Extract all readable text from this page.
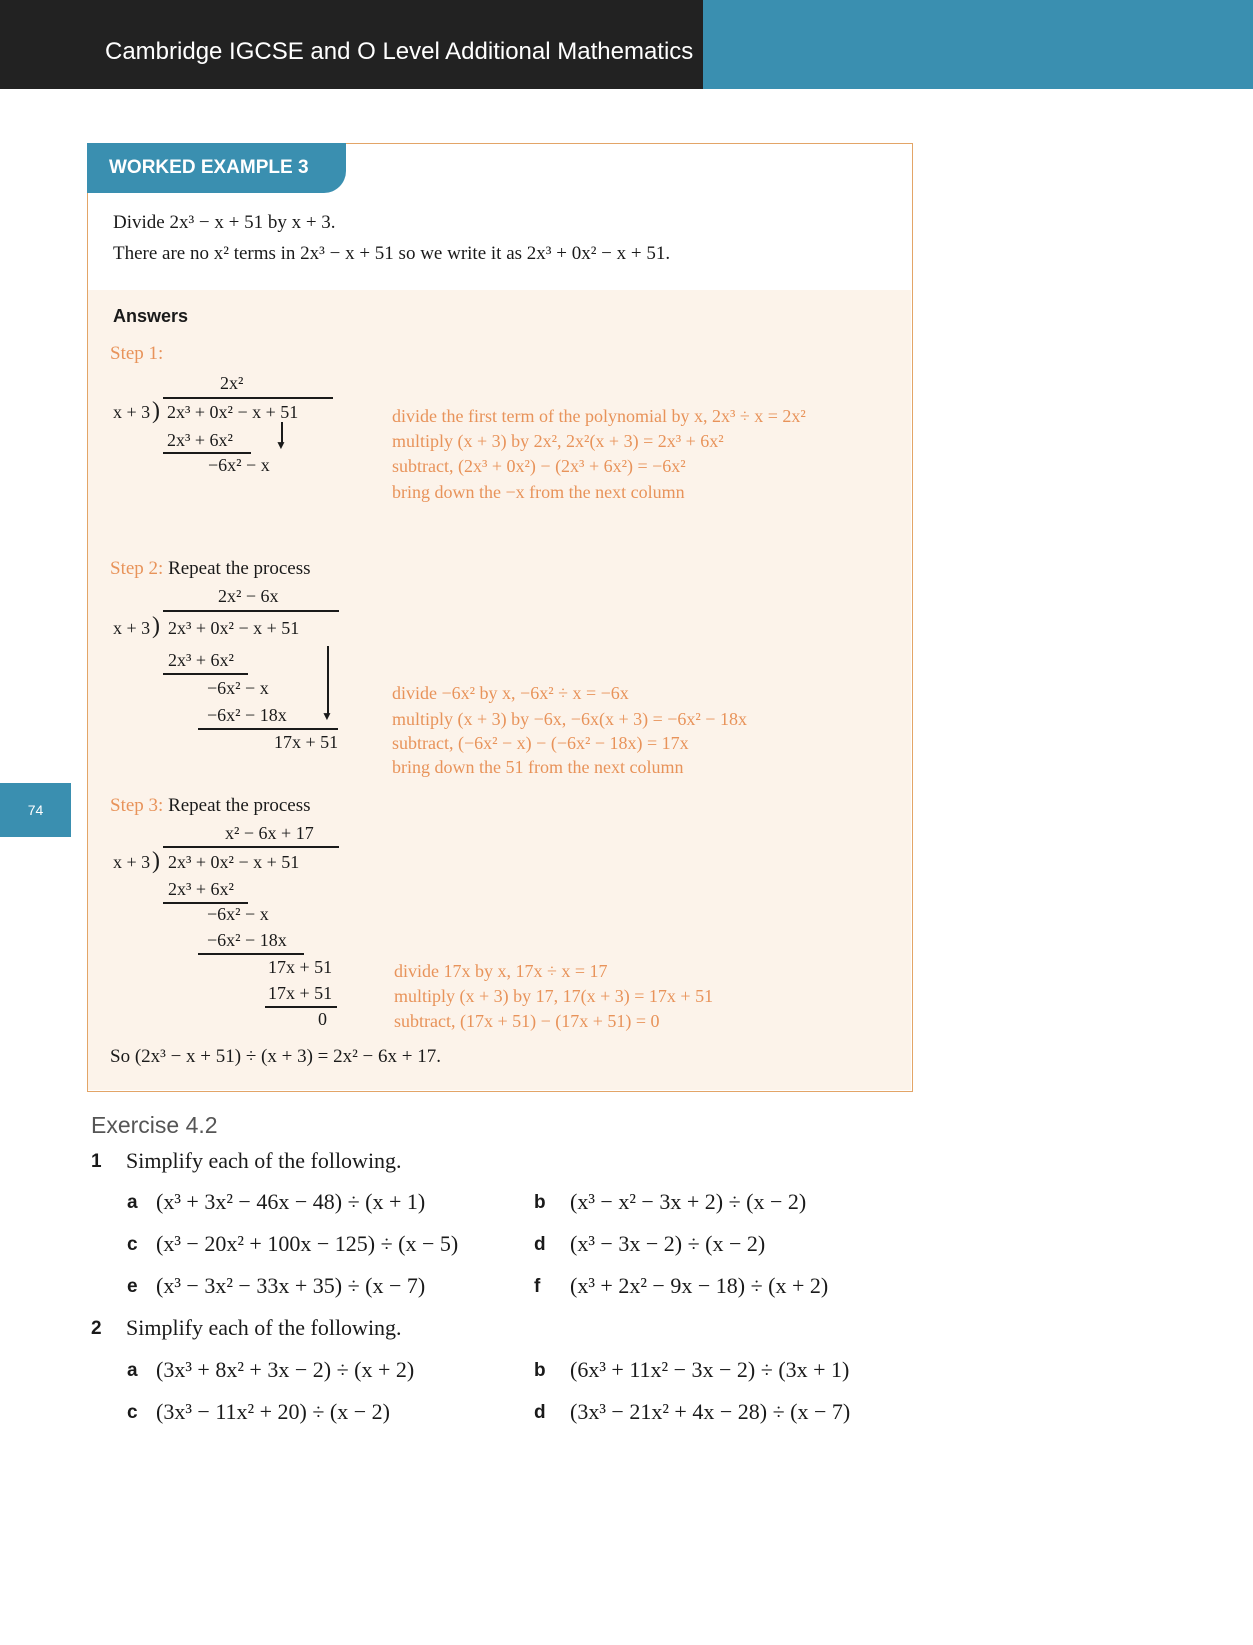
Cambridge IGCSE and O Level Additional Mathematics
74
WORKED EXAMPLE 3
Divide 2x³ − x + 51 by x + 3.
There are no x² terms in 2x³ − x + 51 so we write it as 2x³ + 0x² − x + 51.
Answers
Step 1:
2x²
x + 3 ) 2x³ + 0x² − x + 51
2x³ + 6x²	▼
−6x² − x
divide the first term of the polynomial by x, 2x³ ÷ x = 2x²
multiply (x + 3) by 2x², 2x²(x + 3) = 2x³ + 6x²
subtract, (2x³ + 0x²) − (2x³ + 6x²) = −6x²
bring down the −x from the next column
Step 2: Repeat the process
2x² − 6x
x + 3 ) 2x³ + 0x² − x + 51
2x³ + 6x²
−6x² − x
−6x² − 18x	▼
17x + 51
divide −6x² by x, −6x² ÷ x = −6x
multiply (x + 3) by −6x, −6x(x + 3) = −6x² − 18x
subtract, (−6x² − x) − (−6x² − 18x) = 17x
bring down the 51 from the next column
Step 3: Repeat the process
x² − 6x + 17
x + 3 ) 2x³ + 0x² − x + 51
2x³ + 6x²
−6x² − x
−6x² − 18x
17x + 51
17x + 51
0
divide 17x by x, 17x ÷ x = 17
multiply (x + 3) by 17, 17(x + 3) = 17x + 51
subtract, (17x + 51) − (17x + 51) = 0
So (2x³ − x + 51) ÷ (x + 3) = 2x² − 6x + 17.
Exercise 4.2
1 Simplify each of the following.
a (x³ + 3x² − 46x − 48) ÷ (x + 1)	b (x³ − x² − 3x + 2) ÷ (x − 2)
c (x³ − 20x² + 100x − 125) ÷ (x − 5)	d (x³ − 3x − 2) ÷ (x − 2)
e (x³ − 3x² − 33x + 35) ÷ (x − 7)	f (x³ + 2x² − 9x − 18) ÷ (x + 2)
2 Simplify each of the following.
a (3x³ + 8x² + 3x − 2) ÷ (x + 2)	b (6x³ + 11x² − 3x − 2) ÷ (3x + 1)
c (3x³ − 11x² + 20) ÷ (x − 2)	d (3x³ − 21x² + 4x − 28) ÷ (x − 7)
